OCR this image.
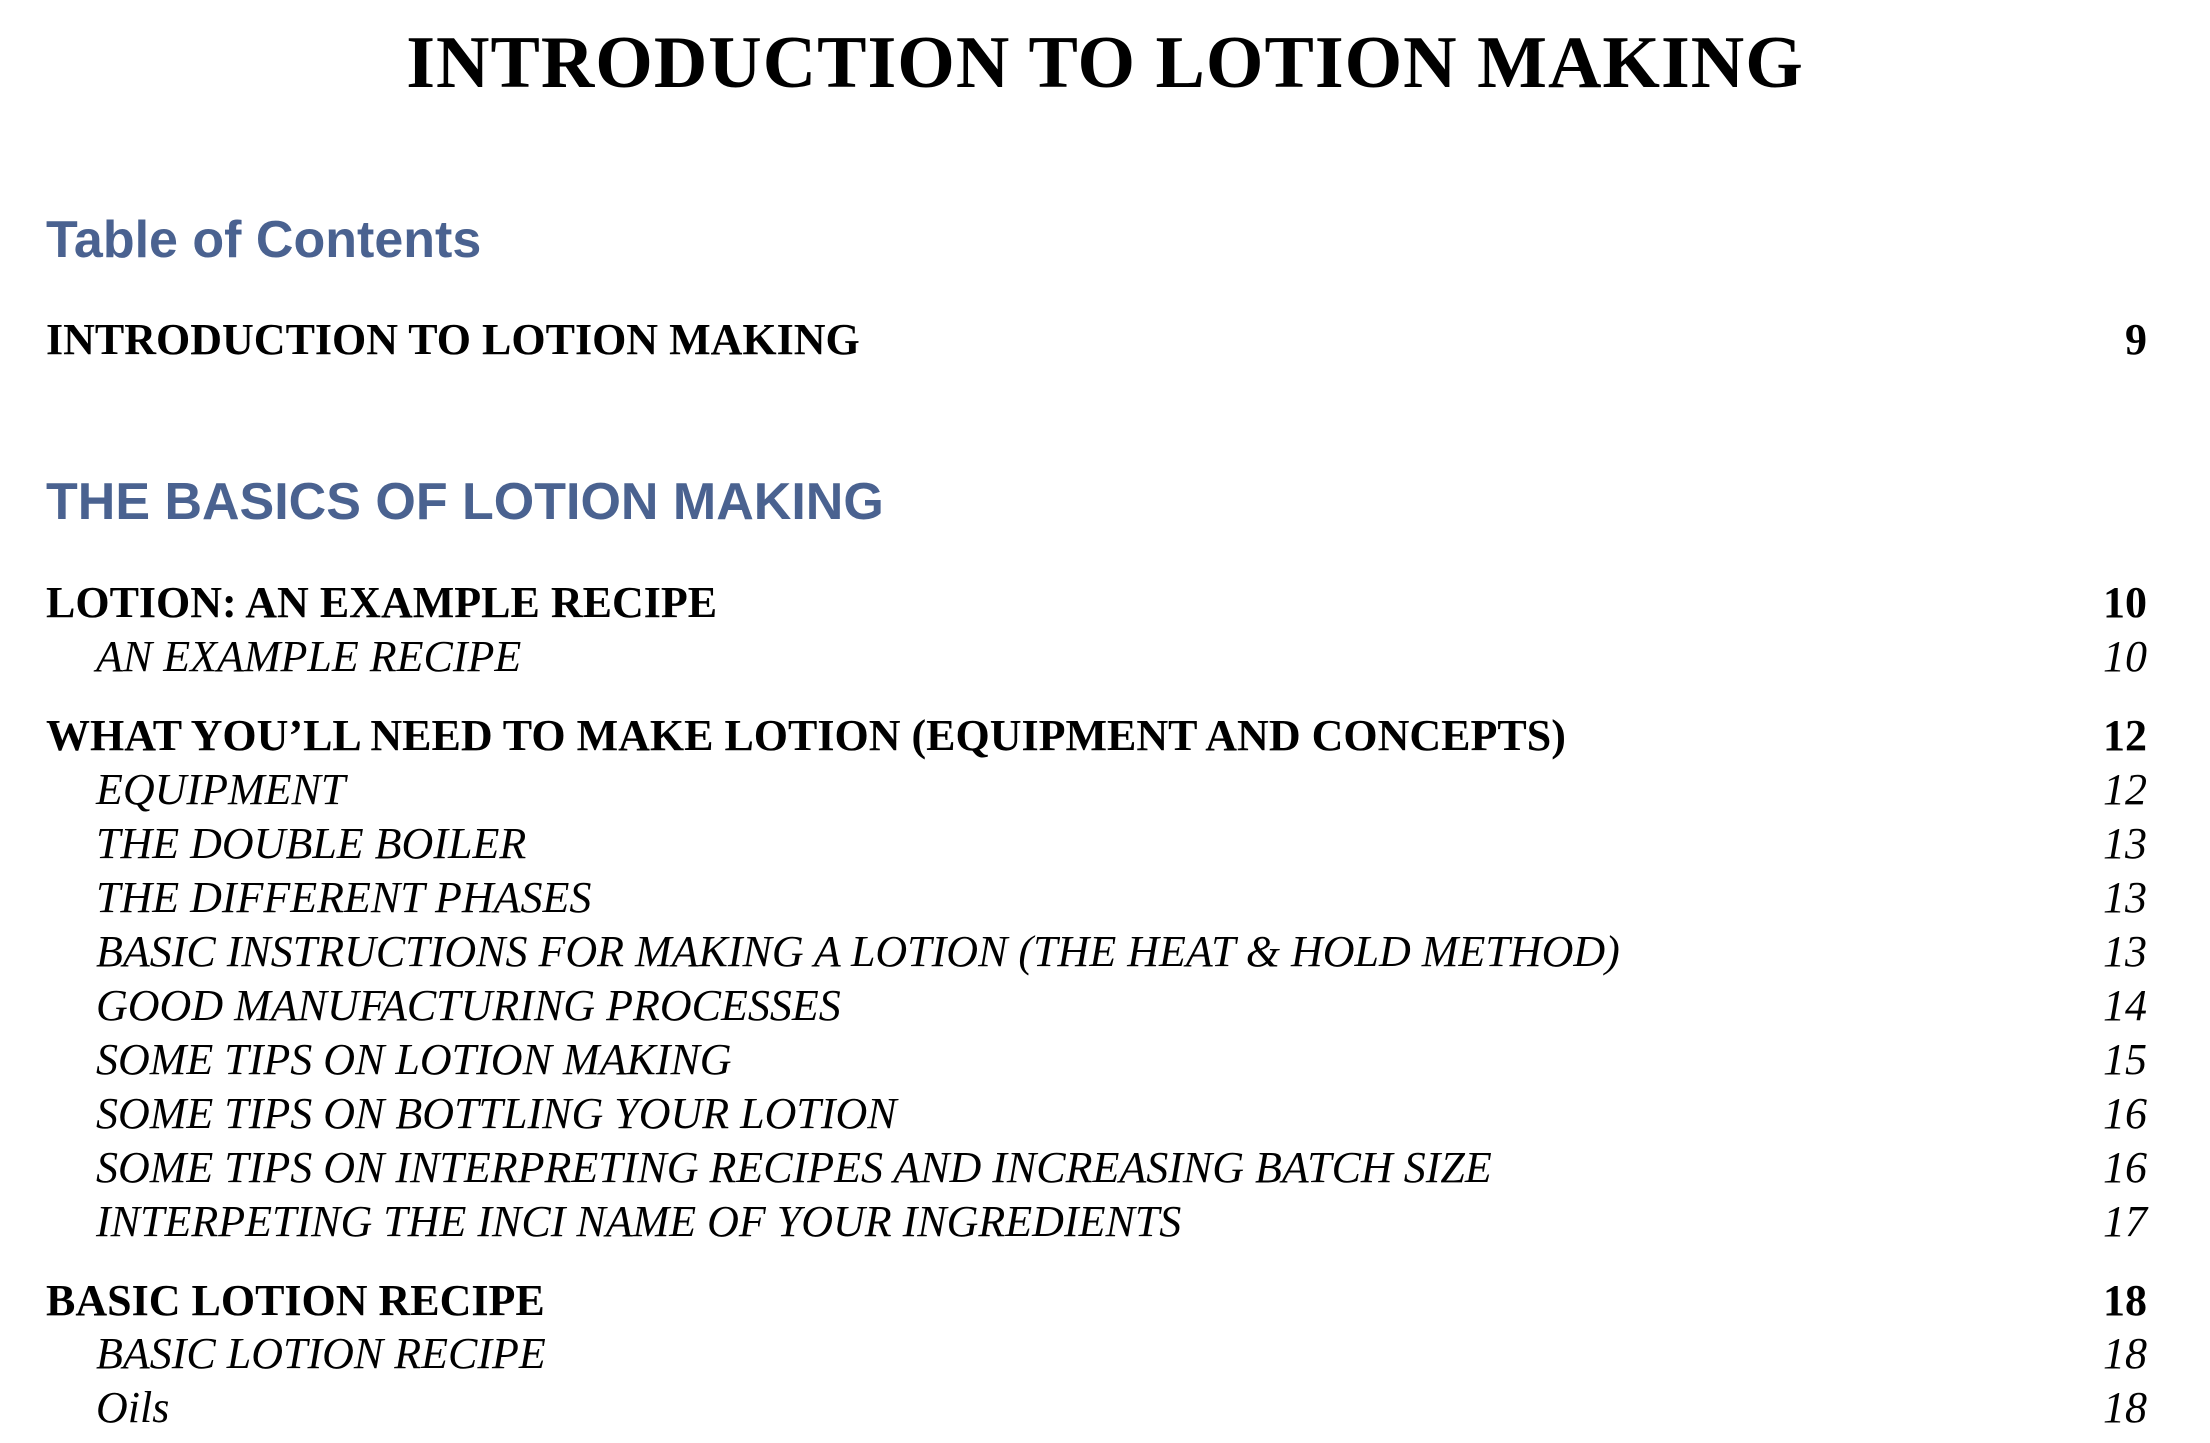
INTRODUCTION TO LOTION MAKING
Table of Contents
INTRODUCTION TO LOTION MAKING	9
THE BASICS OF LOTION MAKING
LOTION: AN EXAMPLE RECIPE	10
AN EXAMPLE RECIPE	10
WHAT YOU’LL NEED TO MAKE LOTION (EQUIPMENT AND CONCEPTS)	12
EQUIPMENT	12
THE DOUBLE BOILER	13
THE DIFFERENT PHASES	13
BASIC INSTRUCTIONS FOR MAKING A LOTION (THE HEAT & HOLD METHOD)	13
GOOD MANUFACTURING PROCESSES	14
SOME TIPS ON LOTION MAKING	15
SOME TIPS ON BOTTLING YOUR LOTION	16
SOME TIPS ON INTERPRETING RECIPES AND INCREASING BATCH SIZE	16
INTERPETING THE INCI NAME OF YOUR INGREDIENTS	17
BASIC LOTION RECIPE	18
BASIC LOTION RECIPE	18
Oils	18
